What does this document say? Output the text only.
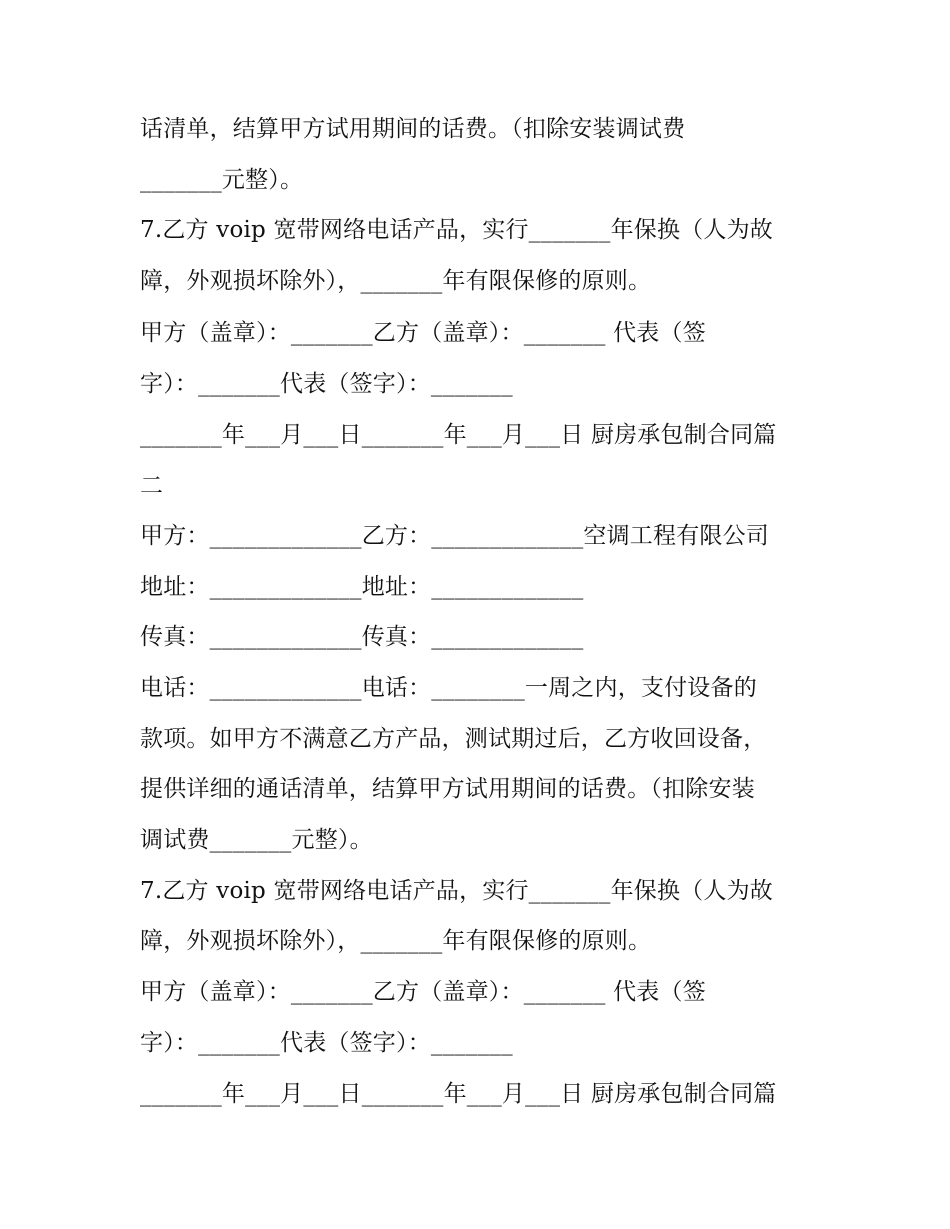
话清单，结算甲方试用期间的话费。（扣除安装调试费
_______元整）。
7.乙方 voip 宽带网络电话产品，实行_______年保换（人为故
障，外观损坏除外），_______年有限保修的原则。
甲方（盖章）：_______乙方（盖章）：_______ 代表（签
字）：_______代表（签字）：_______
_______年___月___日_______年___月___日 厨房承包制合同篇
二
甲方：_____________乙方：_____________空调工程有限公司
地址：_____________地址：_____________
传真：_____________传真：_____________
电话：_____________电话：________一周之内，支付设备的
款项。如甲方不满意乙方产品，测试期过后，乙方收回设备，
提供详细的通话清单，结算甲方试用期间的话费。（扣除安装
调试费_______元整）。
7.乙方 voip 宽带网络电话产品，实行_______年保换（人为故
障，外观损坏除外），_______年有限保修的原则。
甲方（盖章）：_______乙方（盖章）：_______ 代表（签
字）：_______代表（签字）：_______
_______年___月___日_______年___月___日 厨房承包制合同篇
